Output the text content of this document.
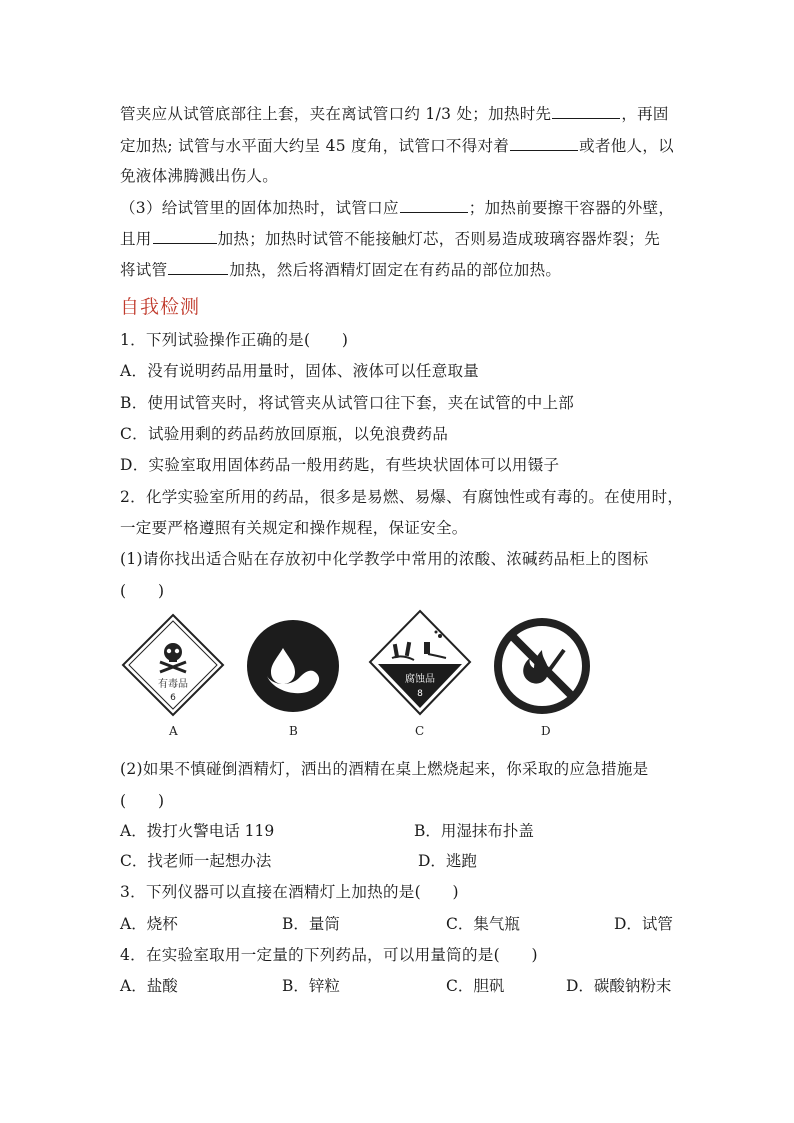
管夹应从试管底部往上套，夹在离试管口约 1/3 处；加热时先	，再固
定加热; 试管与水平面大约呈 45 度角，试管口不得对着	或者他人，以
免液体沸腾溅出伤人。
（3）给试管里的固体加热时，试管口应	；加热前要擦干容器的外壁，
且用	加热；加热时试管不能接触灯芯，否则易造成玻璃容器炸裂；先
将试管	加热，然后将酒精灯固定在有药品的部位加热。
自我检测
1．下列试验操作正确的是(　　)
A．没有说明药品用量时，固体、液体可以任意取量
B．使用试管夹时，将试管夹从试管口往下套，夹在试管的中上部
C．试验用剩的药品药放回原瓶，以免浪费药品
D．实验室取用固体药品一般用药匙，有些块状固体可以用镊子
2．化学实验室所用的药品，很多是易燃、易爆、有腐蚀性或有毒的。在使用时，
一定要严格遵照有关规定和操作规程，保证安全。
(1)请你找出适合贴在存放初中化学教学中常用的浓酸、浓碱药品柜上的图标
(　　)
有毒品
6
A	B
腐蚀品
8
C	D
(2)如果不慎碰倒酒精灯，洒出的酒精在桌上燃烧起来，你采取的应急措施是
(　　)
A．拨打火警电话 119	B．用湿抹布扑盖
C．找老师一起想办法	D．逃跑
3．下列仪器可以直接在酒精灯上加热的是(　　)
A．烧杯	B．量筒	C．集气瓶	D．试管
4．在实验室取用一定量的下列药品，可以用量筒的是(　　)
A．盐酸	B．锌粒	C．胆矾	D．碳酸钠粉末
